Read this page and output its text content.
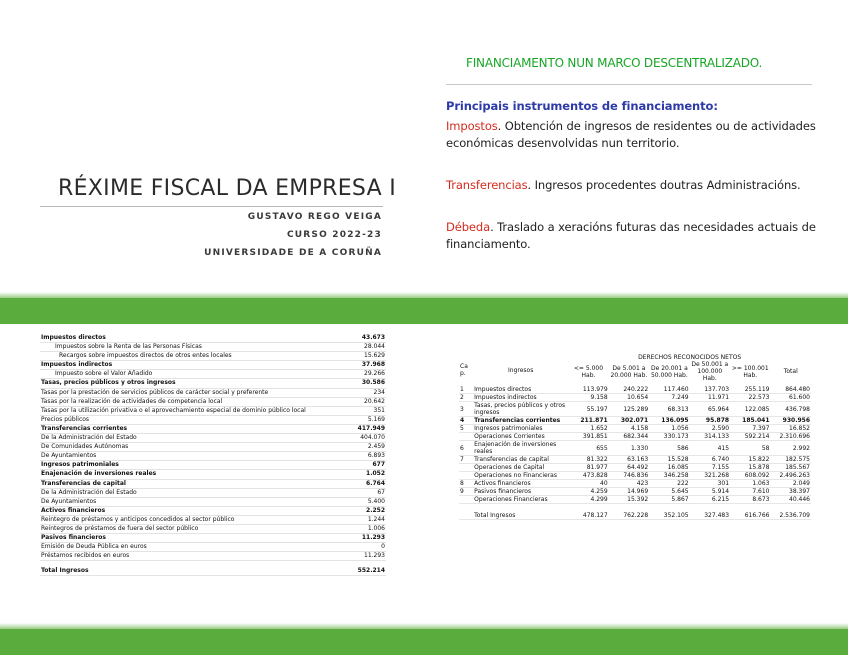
RÉXIME FISCAL DA EMPRESA I
GUSTAVO REGO VEIGA
CURSO 2022-23
UNIVERSIDADE DE A CORUÑA
FINANCIAMENTO NUN MARCO DESCENTRALIZADO.
Principais instrumentos de financiamento:
Impostos. Obtención de ingresos de residentes ou de actividades económicas desenvolvidas nun territorio.
Transferencias. Ingresos procedentes doutras Administracións.
Débeda. Traslado a xeracións futuras das necesidades actuais de financiamento.
Impuestos directos	43.673
Impuestos sobre la Renta de las Personas Físicas	28.044
Recargos sobre impuestos directos de otros entes locales	15.629
Impuestos indirectos	37.968
Impuesto sobre el Valor Añadido	29.266
Tasas, precios públicos y otros ingresos	30.586
Tasas por la prestación de servicios públicos de carácter social y preferente	234
Tasas por la realización de actividades de competencia local	20.642
Tasas por la utilización privativa o el aprovechamiento especial de dominio público local	351
Precios públicos	5.169
Transferencias corrientes	417.949
De la Administración del Estado	404.070
De Comunidades Autónomas	2.459
De Ayuntamientos	6.893
Ingresos patrimoniales	677
Enajenación de inversiones reales	1.052
Transferencias de capital	6.764
De la Administración del Estado	67
De Ayuntamientos	5.400
Activos financieros	2.252
Reintegro de préstamos y anticipos concedidos al sector público	1.244
Reintegros de préstamos de fuera del sector público	1.006
Pasivos financieros	11.293
Emisión de Deuda Pública en euros	0
Préstamos recibidos en euros	11.293
Total Ingresos	552.214
Ca p.	Ingresos	DERECHOS RECONOCIDOS NETOS					
		<= 5.000 Hab.	De 5.001 a 20.000 Hab.	De 20.001 a 50.000 Hab.	De 50.001 a 100.000 Hab.	>= 100.001 Hab.	Total

1	Impuestos directos	113.979	240.222	117.460	137.703	255.119	864.480
2	Impuestos indirectos	9.158	10.654	7.249	11.971	22.573	61.600
3	Tasas, precios públicos y otros ingresos	55.197	125.289	68.313	65.964	122.085	436.798
4	Transferencias corrientes	211.871	302.071	136.095	95.878	185.041	930.956
5	Ingresos patrimoniales	1.652	4.158	1.056	2.590	7.397	16.852
	Operaciones Corrientes	391.851	682.344	330.173	314.133	592.214	2.310.696
6	Enajenación de inversiones reales	655	1.330	586	415	58	2.992
7	Transferencias de capital	81.322	63.163	15.528	6.740	15.822	182.575
	Operaciones de Capital	81.977	64.492	16.085	7.155	15.878	185.567
	Operaciones no Financieras	473.828	746.836	346.258	321.268	608.092	2.496.263
8	Activos financieros	40	423	222	301	1.063	2.049
9	Pasivos financieros	4.259	14.969	5.645	5.914	7.610	38.397
	Operaciones Financieras	4.299	15.392	5.867	6.215	8.673	40.446

	Total Ingresos	478.127	762.228	352.105	327.483	616.766	2.536.709
